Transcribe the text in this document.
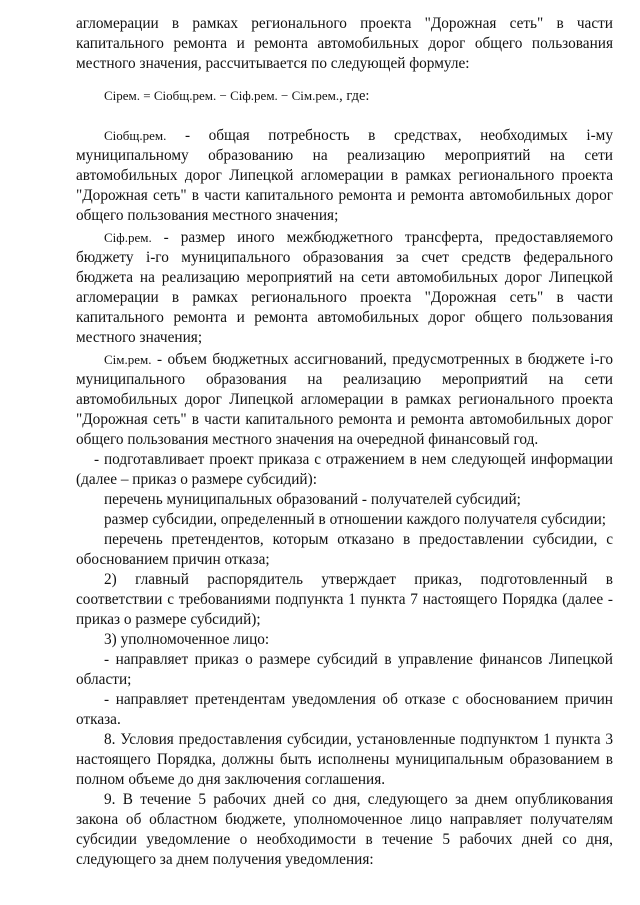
агломерации в рамках регионального проекта "Дорожная сеть" в части капитального ремонта и ремонта автомобильных дорог общего пользования местного значения, рассчитывается по следующей формуле:

Ciрем. = Ciобщ.рем. − Ciф.рем. − Ciм.рем., где:

Ciобщ.рем. - общая потребность в средствах, необходимых i-му муниципальному образованию на реализацию мероприятий на сети автомобильных дорог Липецкой агломерации в рамках регионального проекта "Дорожная сеть" в части капитального ремонта и ремонта автомобильных дорог общего пользования местного значения;

Ciф.рем. - размер иного межбюджетного трансферта, предоставляемого бюджету i-го муниципального образования за счет средств федерального бюджета на реализацию мероприятий на сети автомобильных дорог Липецкой агломерации в рамках регионального проекта "Дорожная сеть" в части капитального ремонта и ремонта автомобильных дорог общего пользования местного значения;

Ciм.рем. - объем бюджетных ассигнований, предусмотренных в бюджете i-го муниципального образования на реализацию мероприятий на сети автомобильных дорог Липецкой агломерации в рамках регионального проекта "Дорожная сеть" в части капитального ремонта и ремонта автомобильных дорог общего пользования местного значения на очередной финансовый год.

- подготавливает проект приказа с отражением в нем следующей информации (далее – приказ о размере субсидий):

перечень муниципальных образований - получателей субсидий;

размер субсидии, определенный в отношении каждого получателя субсидии;

перечень претендентов, которым отказано в предоставлении субсидии, с обоснованием причин отказа;

2) главный распорядитель утверждает приказ, подготовленный в соответствии с требованиями подпункта 1 пункта 7 настоящего Порядка (далее - приказ о размере субсидий);

3) уполномоченное лицо:

- направляет приказ о размере субсидий в управление финансов Липецкой области;

- направляет претендентам уведомления об отказе с обоснованием причин отказа.

8. Условия предоставления субсидии, установленные подпунктом 1 пункта 3 настоящего Порядка, должны быть исполнены муниципальным образованием в полном объеме до дня заключения соглашения.

9. В течение 5 рабочих дней со дня, следующего за днем опубликования закона об областном бюджете, уполномоченное лицо направляет получателям субсидии уведомление о необходимости в течение 5 рабочих дней со дня, следующего за днем получения уведомления:
